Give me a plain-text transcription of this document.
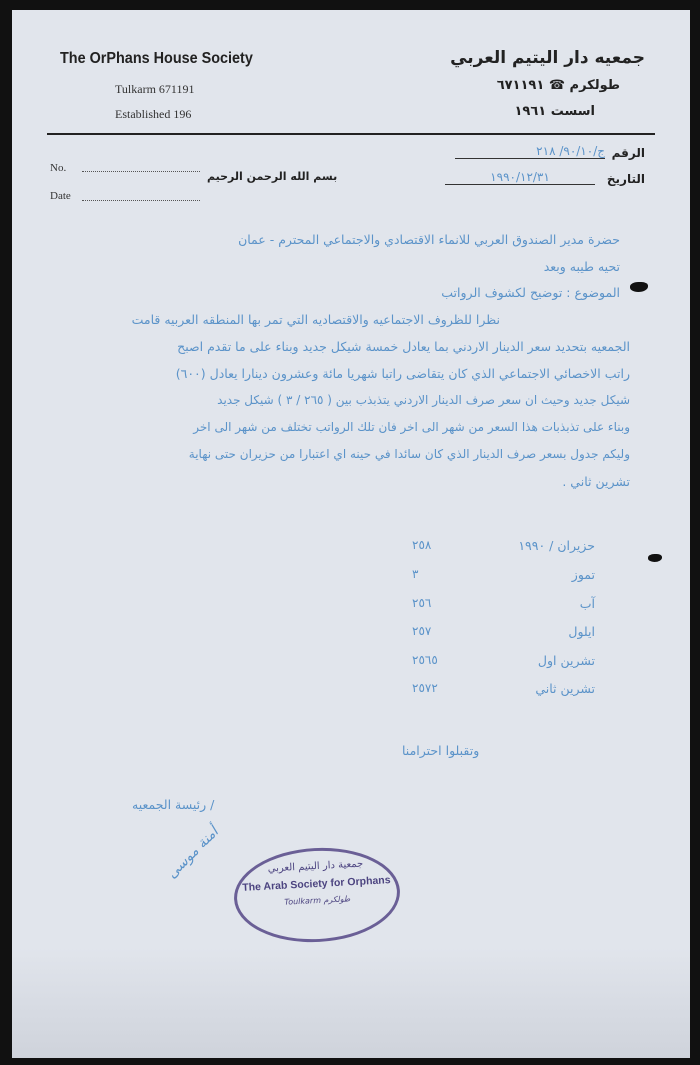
The OrPhans House Society
Tulkarm 671191
Established 196
جمعيه دار اليتيم العربي
طولكرم ☎ ٦٧١١٩١
اسست ١٩٦١
No.
Date
بسم الله الرحمن الرحيم
الرقم
ج/٩٠/١٠/ ٢١٨
التاريخ
١٩٩٠/١٢/٣١
حضرة مدير الصندوق العربي للانماء الاقتصادي والاجتماعي المحترم - عمان
تحيه طيبه وبعد
الموضوع : توضيح لكشوف الرواتب
نظرا للظروف الاجتماعيه والاقتصاديه التي تمر بها المنطقه العربيه قامت
الجمعيه بتحديد سعر الدينار الاردني بما يعادل خمسة شيكل جديد وبناء على ما تقدم اصبح
راتب الاخصائي الاجتماعي الذي كان يتقاضى راتبا شهريا مائة وعشرون دينارا يعادل (٦٠٠)
شيكل جديد وحيث ان سعر صرف الدينار الاردني يتذبذب بين ( ٢٦٥ / ٣ ) شيكل جديد
وبناء على تذبذبات هذا السعر من شهر الى اخر فان تلك الرواتب تختلف من شهر الى اخر
وليكم جدول بسعر صرف الدينار الذي كان سائدا في حينه اي اعتبارا من حزيران حتى نهاية
تشرين ثاني .
حزيران / ١٩٩٠
٢٥٨
تموز
٣
آب
٢٥٦
ايلول
٢٥٧
تشرين اول
٢٥٦٥
تشرين ثاني
٢٥٧٢
وتقبلوا احترامنا
/ رئيسة الجمعيه
أمنة موسى	جمعية دار اليتيم العربي
The Arab Society for Orphans
Toulkarm طولكرم
